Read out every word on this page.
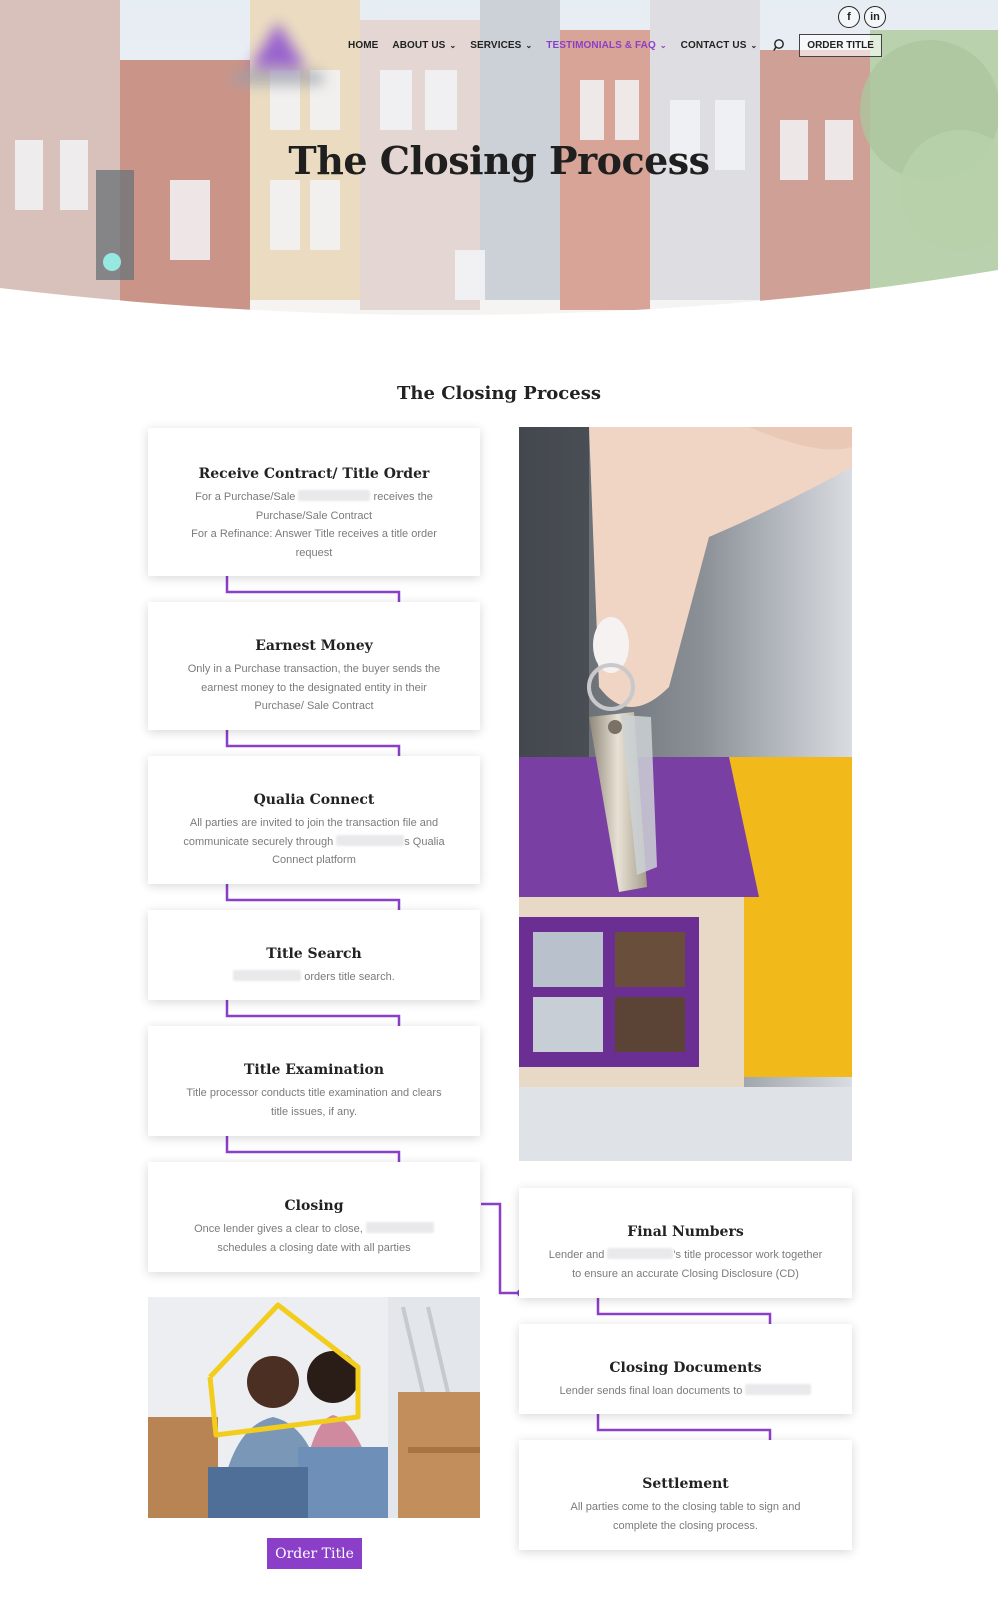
f	in
HOME ABOUT US ⌄ SERVICES ⌄ TESTIMONIALS & FAQ ⌄ CONTACT US ⌄	ORDER TITLE
The Closing Process
The Closing Process
Receive Contract/ Title Order

For a Purchase/Sale	receives the
Purchase/Sale Contract
For a Refinance: Answer Title receives a title order
request

Earnest Money

Only in a Purchase transaction, the buyer sends the
earnest money to the designated entity in their
Purchase/ Sale Contract

Qualia Connect

All parties are invited to join the transaction file and
communicate securely through	s Qualia
Connect platform

Title Search

orders title search.

Title Examination

Title processor conducts title examination and clears
title issues, if any.

Closing

Once lender gives a clear to close,
schedules a closing date with all parties

Final Numbers

Lender and	's title processor work together
to ensure an accurate Closing Disclosure (CD)

Closing Documents

Lender sends final loan documents to

Settlement

All parties come to the closing table to sign and
complete the closing process.

Order Title
